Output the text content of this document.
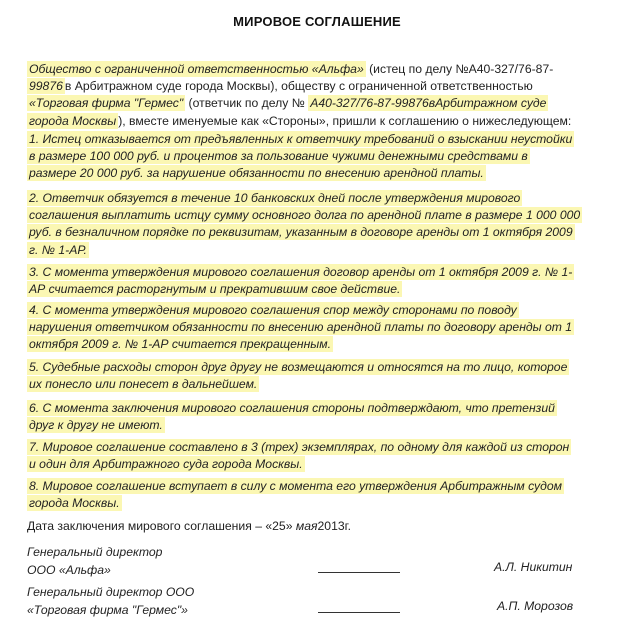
МИРОВОЕ СОГЛАШЕНИЕ
Общество с ограниченной ответственностью «Альфа» (истец по делу №А40-327/76-87-
99876 в Арбитражном суде города Москвы), обществу с ограниченной ответственностью
«Торговая фирма "Гермес" (ответчик по делу № А40-327/76-87-99876вАрбитражном суде
города Москвы ), вместе именуемые как «Стороны», пришли к соглашению о нижеследующем:
1. Истец отказывается от предъявленных к ответчику требований о взыскании неустойки
в размере 100 000 руб. и процентов за пользование чужими денежными средствами в
размере 20 000 руб. за нарушение обязанности по внесению арендной платы.
2. Ответчик обязуется в течение 10 банковских дней после утверждения мирового
соглашения выплатить истцу сумму основного долга по арендной плате в размере 1 000 000
руб. в безналичном порядке по реквизитам, указанным в договоре аренды от 1 октября 2009
г. № 1-АР.
3. С момента утверждения мирового соглашения договор аренды от 1 октября 2009 г. № 1-
АР считается расторгнутым и прекратившим свое действие.
4. С момента утверждения мирового соглашения спор между сторонами по поводу
нарушения ответчиком обязанности по внесению арендной платы по договору аренды от 1
октября 2009 г. № 1-АР считается прекращенным.
5. Судебные расходы сторон друг другу не возмещаются и относятся на то лицо, которое
их понесло или понесет в дальнейшем.
6. С момента заключения мирового соглашения стороны подтверждают, что претензий
друг к другу не имеют.
7. Мировое соглашение составлено в 3 (трех) экземплярах, по одному для каждой из сторон
и один для Арбитражного суда города Москвы.
8. Мировое соглашение вступает в силу с момента его утверждения Арбитражным судом
города Москвы.
Дата заключения мирового соглашения – «25» мая2013г.
Генеральный директор
ООО «Альфа»	А.Л. Никитин
Генеральный директор ООО
«Торговая фирма "Гермес"»	А.П. Морозов
